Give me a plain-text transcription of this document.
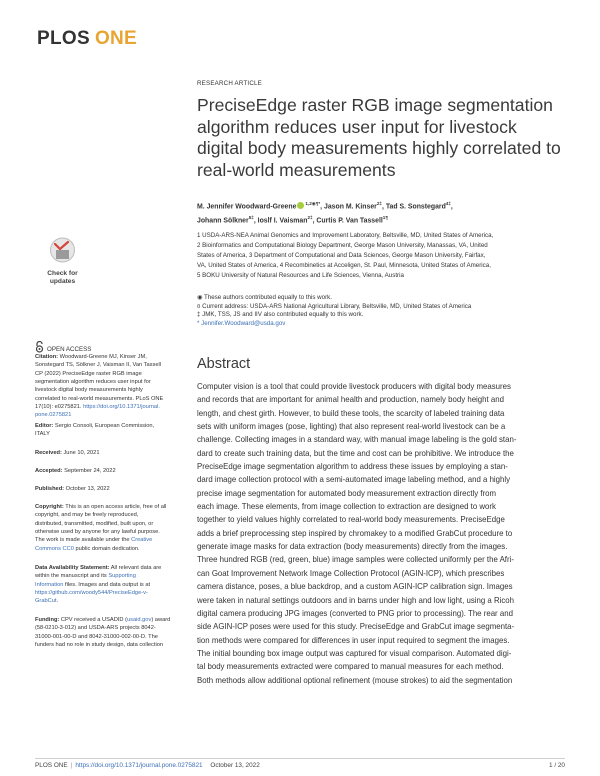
PLOS ONE
RESEARCH ARTICLE
PreciseEdge raster RGB image segmentation algorithm reduces user input for livestock digital body measurements highly correlated to real-world measurements
M. Jennifer Woodward-Greene $^{1,2◉\P*}$, Jason M. Kinser$^{2\ddagger}$, Tad S. Sonstegard$^{4\ddagger}$,
Johann Sölkner$^{5\ddagger}$, Ioslf I. Vaisman$^{2\ddagger}$, Curtis P. Van Tassell$^{1\P}$
1 USDA-ARS-NEA Animal Genomics and Improvement Laboratory, Beltsville, MD, United States of America,
2 Bioinformatics and Computational Biology Department, George Mason University, Manassas, VA, United
States of America, 3 Department of Computational and Data Sciences, George Mason University, Fairfax,
VA, United States of America, 4 Recombinetics at Acceligen, St. Paul, Minnesota, United States of America,
5 BOKU University of Natural Resources and Life Sciences, Vienna, Austria
◉ These authors contributed equally to this work.
¤ Current address: USDA-ARS National Agricultural Library, Beltsville, MD, United States of America
‡ JMK, TSS, JS and IIV also contributed equally to this work.
* Jennifer.Woodward@usda.gov
Check for
updates
OPEN ACCESS
Citation: Woodward-Greene MJ, Kinser JM,
Sonstegard TS, Sölkner J, Vaisman II, Van Tassell
CP (2022) PreciseEdge raster RGB image
segmentation algorithm reduces user input for
livestock digital body measurements highly
correlated to real-world measurements. PLoS ONE
17(10): e0275821. https://doi.org/10.1371/journal.
pone.0275821
Editor: Sergio Consoli, European Commission,
ITALY
Received: June 10, 2021
Accepted: September 24, 2022
Published: October 13, 2022
Copyright: This is an open access article, free of all
copyright, and may be freely reproduced,
distributed, transmitted, modified, built upon, or
otherwise used by anyone for any lawful purpose.
The work is made available under the Creative
Commons CC0 public domain dedication.
Data Availability Statement: All relevant data are
within the manuscript and its Supporting
Information files. Images and data output is at
https://github.com/woody544/PreciseEdge-v-
GrabCut.
Funding: CPV received a USADID (usaid.gov) award
(58-0210-3-012) and USDA-ARS projects 8042-
31000-001-00-D and 8042-31000-002-00-D. The
funders had no role in study design, data collection
Abstract
Computer vision is a tool that could provide livestock producers with digital body measures
and records that are important for animal health and production, namely body height and
length, and chest girth. However, to build these tools, the scarcity of labeled training data
sets with uniform images (pose, lighting) that also represent real-world livestock can be a
challenge. Collecting images in a standard way, with manual image labeling is the gold stan-
dard to create such training data, but the time and cost can be prohibitive. We introduce the
PreciseEdge image segmentation algorithm to address these issues by employing a stan-
dard image collection protocol with a semi-automated image labeling method, and a highly
precise image segmentation for automated body measurement extraction directly from
each image. These elements, from image collection to extraction are designed to work
together to yield values highly correlated to real-world body measurements. PreciseEdge
adds a brief preprocessing step inspired by chromakey to a modified GrabCut procedure to
generate image masks for data extraction (body measurements) directly from the images.
Three hundred RGB (red, green, blue) image samples were collected uniformly per the Afri-
can Goat Improvement Network Image Collection Protocol (AGIN-ICP), which prescribes
camera distance, poses, a blue backdrop, and a custom AGIN-ICP calibration sign. Images
were taken in natural settings outdoors and in barns under high and low light, using a Ricoh
digital camera producing JPG images (converted to PNG prior to processing). The rear and
side AGIN-ICP poses were used for this study. PreciseEdge and GrabCut image segmenta-
tion methods were compared for differences in user input required to segment the images.
The initial bounding box image output was captured for visual comparison. Automated digi-
tal body measurements extracted were compared to manual measures for each method.
Both methods allow additional optional refinement (mouse strokes) to aid the segmentation
PLOS ONE | https://doi.org/10.1371/journal.pone.0275821 October 13, 2022	1 / 20
